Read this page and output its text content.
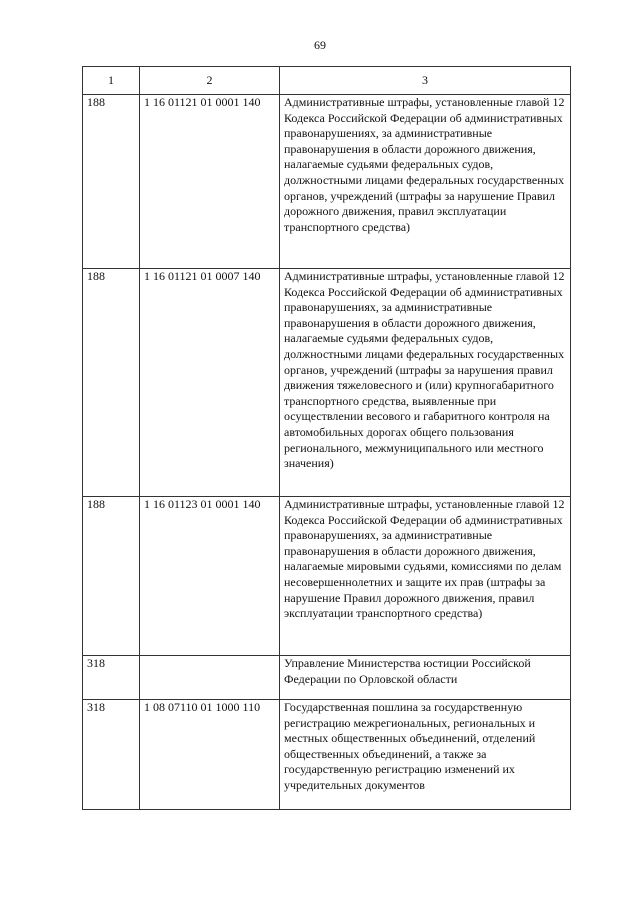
69
1	2	3
188	1 16 01121 01 0001 140	Административные штрафы, установленные главой 12 Кодекса Российской Федерации об административных правонарушениях, за административные правонарушения в области дорожного движения, налагаемые судьями федеральных судов, должностными лицами федеральных государственных органов, учреждений (штрафы за нарушение Правил дорожного движения, правил эксплуатации транспортного средства)
188	1 16 01121 01 0007 140	Административные штрафы, установленные главой 12 Кодекса Российской Федерации об административных правонарушениях, за административные правонарушения в области дорожного движения, налагаемые судьями федеральных судов, должностными лицами федеральных государственных органов, учреждений (штрафы за нарушения правил движения тяжеловесного и (или) крупногабаритного транспортного средства, выявленные при осуществлении весового и габаритного контроля на автомобильных дорогах общего пользования регионального, межмуниципального или местного значения)
188	1 16 01123 01 0001 140	Административные штрафы, установленные главой 12 Кодекса Российской Федерации об административных правонарушениях, за административные правонарушения в области дорожного движения, налагаемые мировыми судьями, комиссиями по делам несовершеннолетних и защите их прав (штрафы за нарушение Правил дорожного движения, правил эксплуатации транспортного средства)
318		Управление Министерства юстиции Российской Федерации по Орловской области
318	1 08 07110 01 1000 110	Государственная пошлина за государственную регистрацию межрегиональных, региональных и местных общественных объединений, отделений общественных объединений, а также за государственную регистрацию изменений их учредительных документов
